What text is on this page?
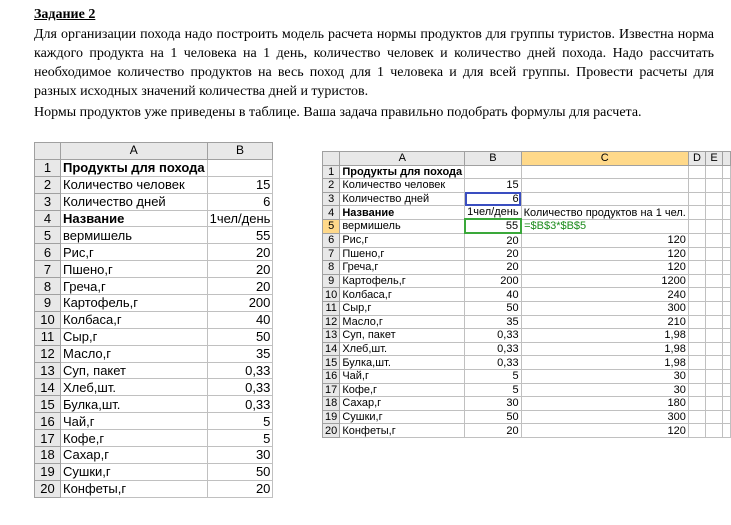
Задание 2

Для организации похода надо построить модель расчета нормы продуктов для группы туристов. Известна норма каждого продукта на 1 человека на 1 день, количество человек и количество дней похода. Надо рассчитать необходимое количество продуктов на весь поход для 1 человека и для всей группы. Провести расчеты для разных исходных значений количества дней и туристов.

Нормы продуктов уже приведены в таблице. Ваша задача правильно подобрать формулы для расчета.

	A	B
1	Продукты для похода	
2	Количество человек	15
3	Количество дней	6
4	Название	1чел/день
5	вермишель	55
6	Рис,г	20
7	Пшено,г	20
8	Греча,г	20
9	Картофель,г	200
10	Колбаса,г	40
11	Сыр,г	50
12	Масло,г	35
13	Суп, пакет	0,33
14	Хлеб,шт.	0,33
15	Булка,шт.	0,33
16	Чай,г	5
17	Кофе,г	5
18	Сахар,г	30
19	Сушки,г	50
20	Конфеты,г	20
	A	B	C	D	E	
1	Продукты для похода					
2	Количество человек	15				
3	Количество дней	6				
4	Название	1чел/день	Количество продуктов на 1 чел.			
5	вермишель	55	=$B$3*$B$5			
6	Рис,г	20	120			
7	Пшено,г	20	120			
8	Греча,г	20	120			
9	Картофель,г	200	1200			
10	Колбаса,г	40	240			
11	Сыр,г	50	300			
12	Масло,г	35	210			
13	Суп, пакет	0,33	1,98			
14	Хлеб,шт.	0,33	1,98			
15	Булка,шт.	0,33	1,98			
16	Чай,г	5	30			
17	Кофе,г	5	30			
18	Сахар,г	30	180			
19	Сушки,г	50	300			
20	Конфеты,г	20	120			
